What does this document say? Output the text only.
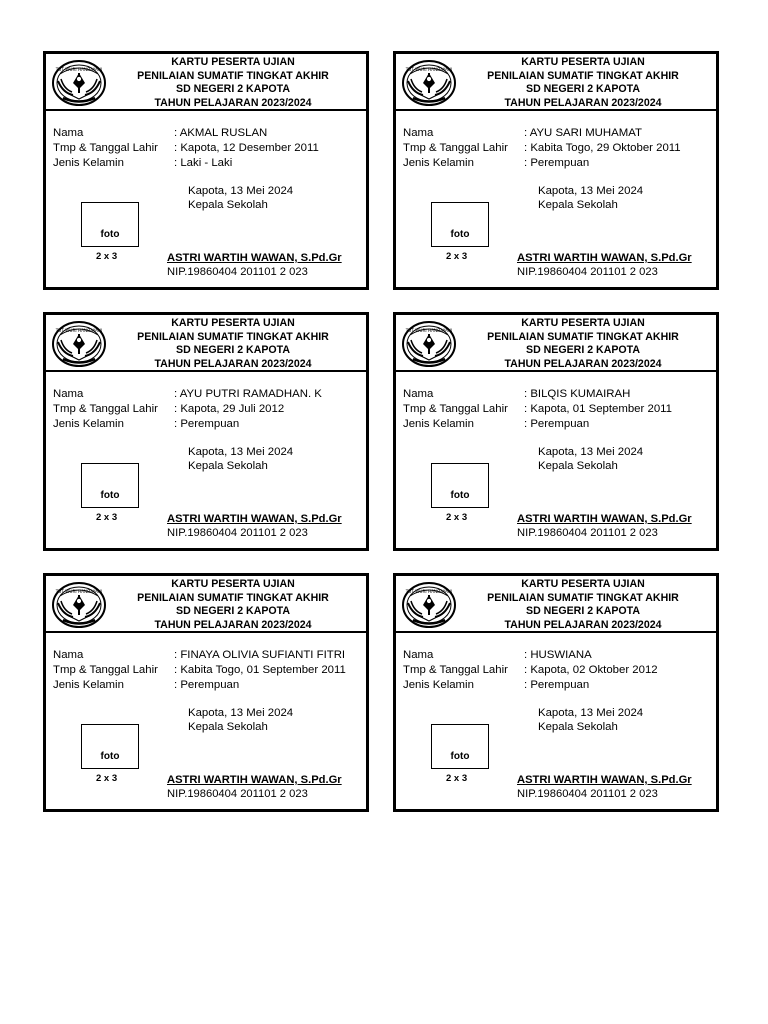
TUT WURI HANDAYANI
KARTU PESERTA UJIAN
PENILAIAN SUMATIF TINGKAT AKHIR
SD NEGERI 2 KAPOTA
TAHUN PELAJARAN 2023/2024
Nama	: AKMAL RUSLAN
Tmp & Tanggal Lahir : Kapota, 12 Desember 2011
Jenis Kelamin	: Laki - Laki
Kapota, 13 Mei 2024
Kepala Sekolah
foto
2 x 3	ASTRI WARTIH WAWAN, S.Pd.Gr
NIP.19860404 201101 2 023
TUT WURI HANDAYANI
KARTU PESERTA UJIAN
PENILAIAN SUMATIF TINGKAT AKHIR
SD NEGERI 2 KAPOTA
TAHUN PELAJARAN 2023/2024
Nama	: AYU SARI MUHAMAT
Tmp & Tanggal Lahir : Kabita Togo, 29 Oktober 2011
Jenis Kelamin	: Perempuan
Kapota, 13 Mei 2024
Kepala Sekolah
foto
2 x 3	ASTRI WARTIH WAWAN, S.Pd.Gr
NIP.19860404 201101 2 023
TUT WURI HANDAYANI
KARTU PESERTA UJIAN
PENILAIAN SUMATIF TINGKAT AKHIR
SD NEGERI 2 KAPOTA
TAHUN PELAJARAN 2023/2024
Nama	: AYU PUTRI RAMADHAN. K
Tmp & Tanggal Lahir : Kapota, 29 Juli 2012
Jenis Kelamin	: Perempuan
Kapota, 13 Mei 2024
Kepala Sekolah
foto
2 x 3	ASTRI WARTIH WAWAN, S.Pd.Gr
NIP.19860404 201101 2 023
TUT WURI HANDAYANI
KARTU PESERTA UJIAN
PENILAIAN SUMATIF TINGKAT AKHIR
SD NEGERI 2 KAPOTA
TAHUN PELAJARAN 2023/2024
Nama	: BILQIS KUMAIRAH
Tmp & Tanggal Lahir : Kapota, 01 September 2011
Jenis Kelamin	: Perempuan
Kapota, 13 Mei 2024
Kepala Sekolah
foto
2 x 3	ASTRI WARTIH WAWAN, S.Pd.Gr
NIP.19860404 201101 2 023
TUT WURI HANDAYANI
KARTU PESERTA UJIAN
PENILAIAN SUMATIF TINGKAT AKHIR
SD NEGERI 2 KAPOTA
TAHUN PELAJARAN 2023/2024
Nama	: FINAYA OLIVIA SUFIANTI FITRI
Tmp & Tanggal Lahir : Kabita Togo, 01 September 2011
Jenis Kelamin	: Perempuan
Kapota, 13 Mei 2024
Kepala Sekolah
foto
2 x 3	ASTRI WARTIH WAWAN, S.Pd.Gr
NIP.19860404 201101 2 023
TUT WURI HANDAYANI
KARTU PESERTA UJIAN
PENILAIAN SUMATIF TINGKAT AKHIR
SD NEGERI 2 KAPOTA
TAHUN PELAJARAN 2023/2024
Nama	: HUSWIANA
Tmp & Tanggal Lahir : Kapota, 02 Oktober 2012
Jenis Kelamin	: Perempuan
Kapota, 13 Mei 2024
Kepala Sekolah
foto
2 x 3	ASTRI WARTIH WAWAN, S.Pd.Gr
NIP.19860404 201101 2 023
